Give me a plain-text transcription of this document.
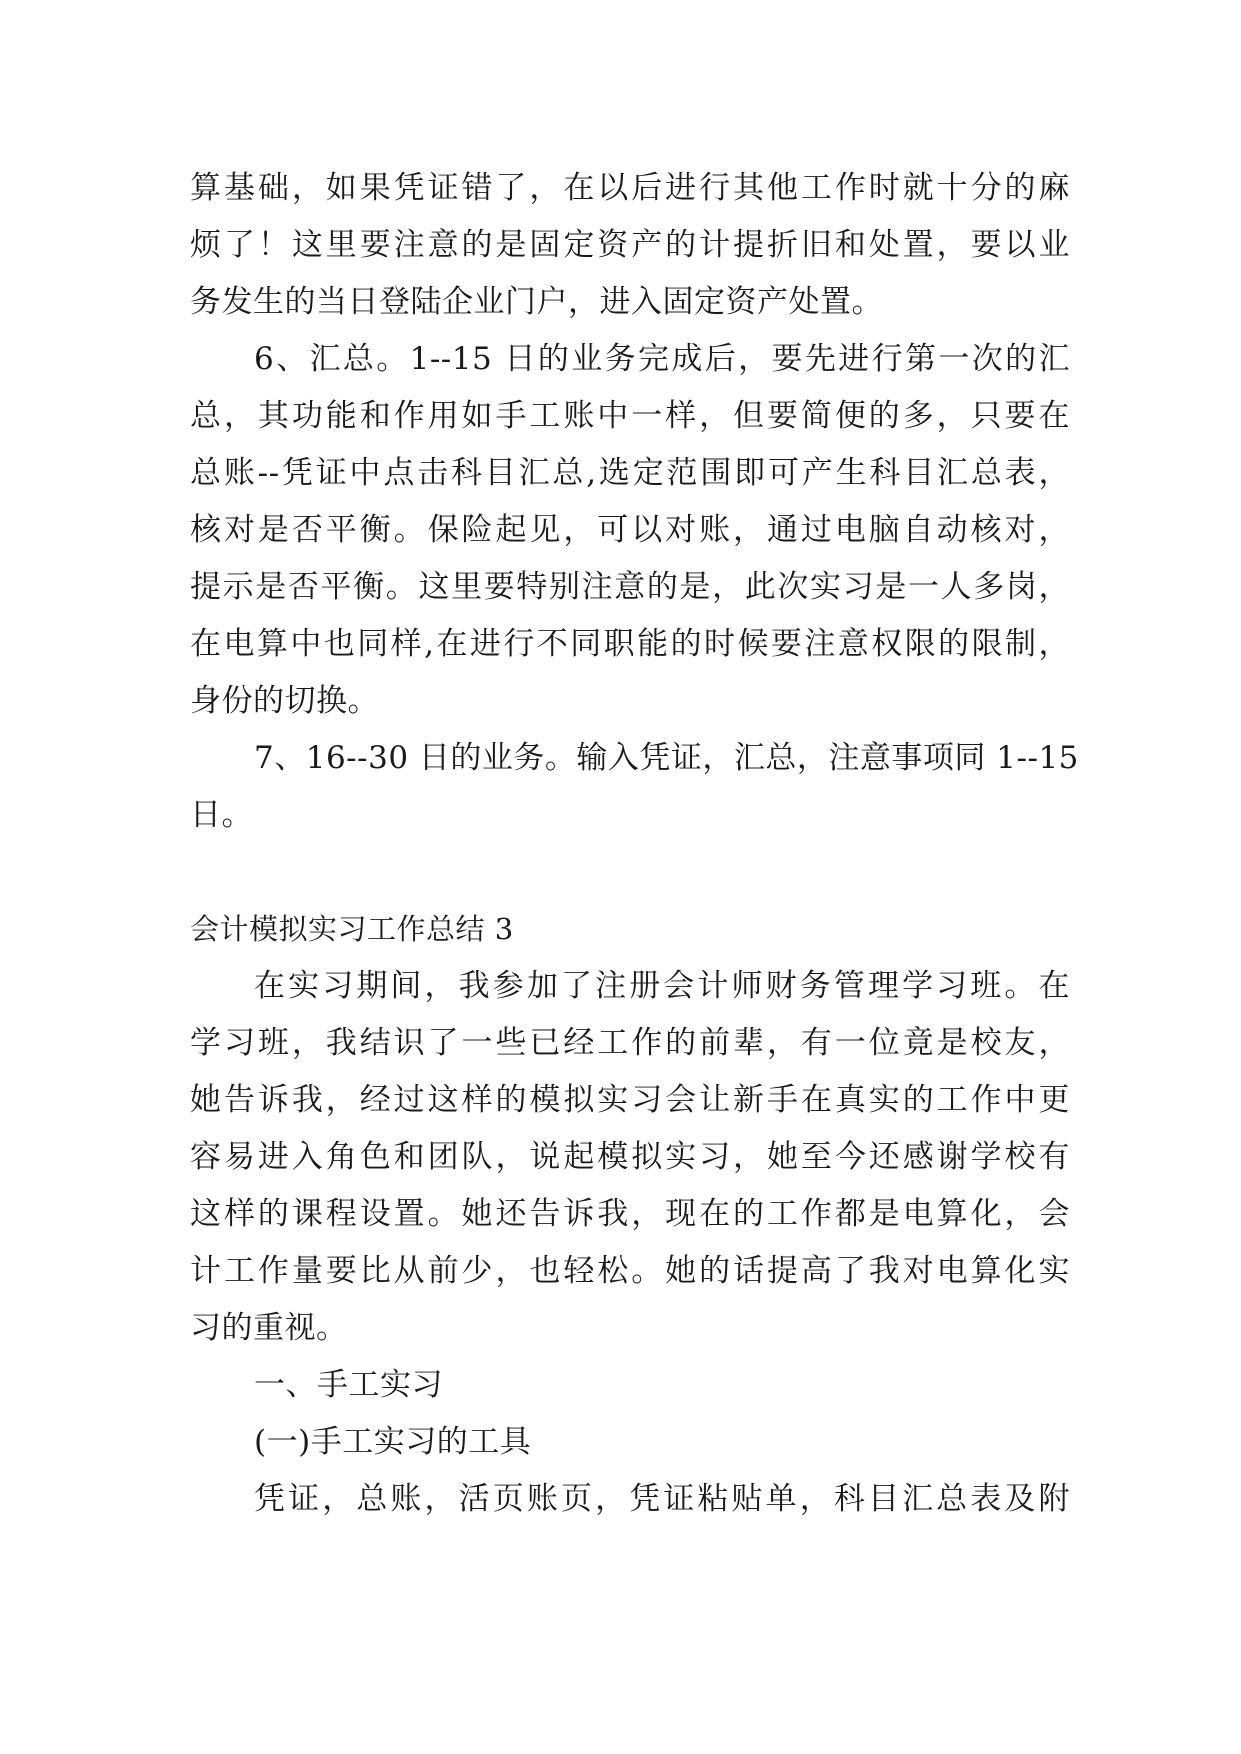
算基础，如果凭证错了，在以后进行其他工作时就十分的麻
烦了！这里要注意的是固定资产的计提折旧和处置，要以业
务发生的当日登陆企业门户，进入固定资产处置。
6、汇总。1--15 日的业务完成后，要先进行第一次的汇
总，其功能和作用如手工账中一样，但要简便的多，只要在
总账--凭证中点击科目汇总,选定范围即可产生科目汇总表，
核对是否平衡。保险起见，可以对账，通过电脑自动核对，
提示是否平衡。这里要特别注意的是，此次实习是一人多岗，
在电算中也同样,在进行不同职能的时候要注意权限的限制，
身份的切换。
7、16--30 日的业务。输入凭证，汇总，注意事项同 1--15
日。
会计模拟实习工作总结 3
在实习期间，我参加了注册会计师财务管理学习班。在
学习班，我结识了一些已经工作的前辈，有一位竟是校友，
她告诉我，经过这样的模拟实习会让新手在真实的工作中更
容易进入角色和团队，说起模拟实习，她至今还感谢学校有
这样的课程设置。她还告诉我，现在的工作都是电算化，会
计工作量要比从前少，也轻松。她的话提高了我对电算化实
习的重视。
一、手工实习
(一)手工实习的工具
凭证，总账，活页账页，凭证粘贴单，科目汇总表及附
